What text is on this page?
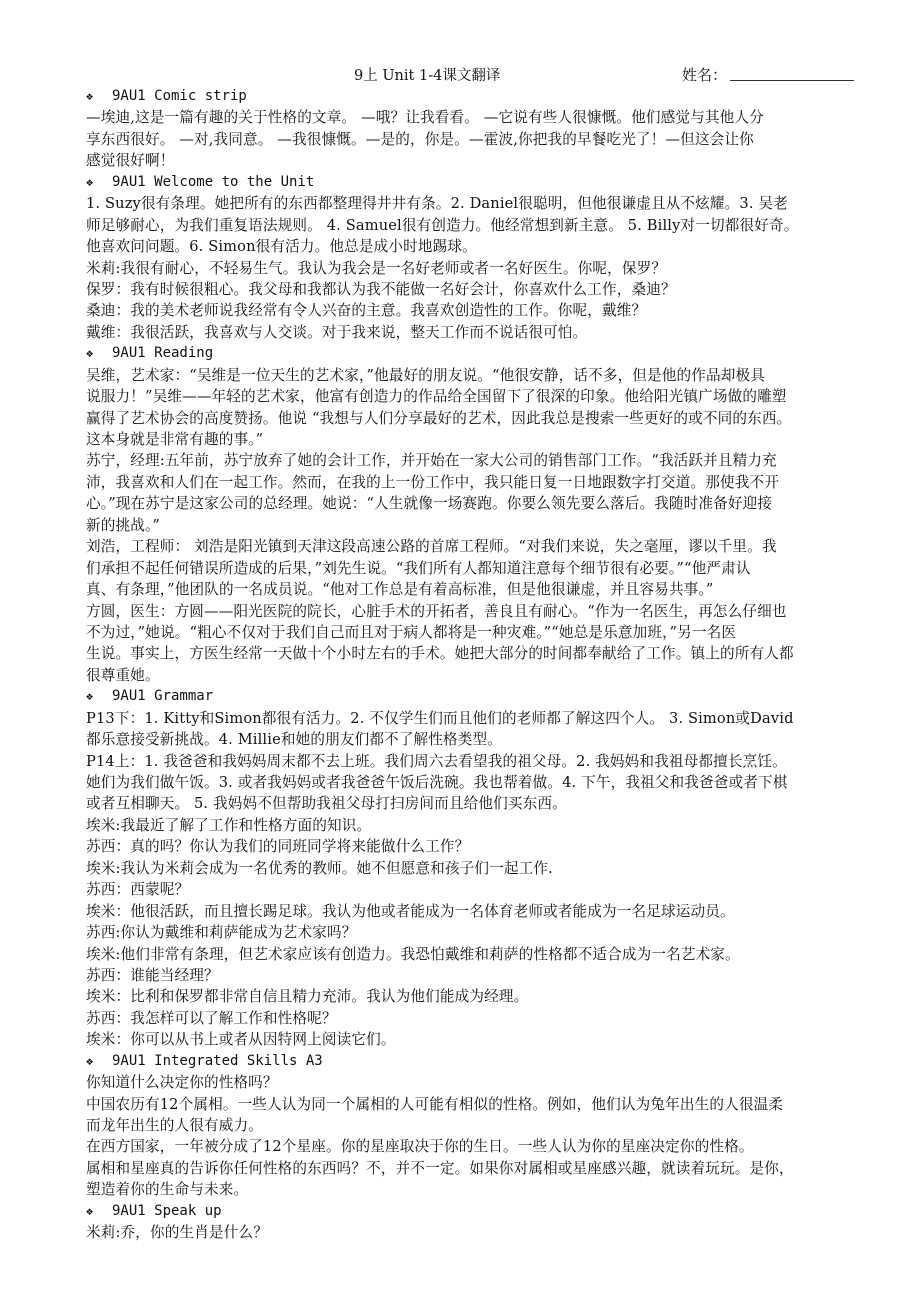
9上 Unit 1-4课文翻译	姓名：
❖ 9AU1 Comic strip
—埃迪,这是一篇有趣的关于性格的文章。 —哦？让我看看。 —它说有些人很慷慨。他们感觉与其他人分
享东西很好。 —对,我同意。 —我很慷慨。—是的，你是。—霍波,你把我的早餐吃光了！—但这会让你
感觉很好啊！
❖ 9AU1 Welcome to the Unit
1. Suzy很有条理。她把所有的东西都整理得井井有条。2. Daniel很聪明，但他很谦虚且从不炫耀。3. 吴老
师足够耐心，为我们重复语法规则。 4. Samuel很有创造力。他经常想到新主意。 5. Billy对一切都很好奇。
他喜欢问问题。6. Simon很有活力。他总是成小时地踢球。
米莉:我很有耐心，不轻易生气。我认为我会是一名好老师或者一名好医生。你呢，保罗？
保罗：我有时候很粗心。我父母和我都认为我不能做一名好会计，你喜欢什么工作，桑迪？
桑迪：我的美术老师说我经常有令人兴奋的主意。我喜欢创造性的工作。你呢，戴维？
戴维：我很活跃，我喜欢与人交谈。对于我来说，整天工作而不说话很可怕。
❖ 9AU1 Reading
吴维，艺术家：“吴维是一位天生的艺术家，”他最好的朋友说。“他很安静，话不多，但是他的作品却极具
说服力！”吴维——年轻的艺术家，他富有创造力的作品给全国留下了很深的印象。他给阳光镇广场做的雕塑
赢得了艺术协会的高度赞扬。他说 “我想与人们分享最好的艺术，因此我总是搜索一些更好的或不同的东西。
这本身就是非常有趣的事。”
苏宁，经理:五年前，苏宁放弃了她的会计工作，并开始在一家大公司的销售部门工作。“我活跃并且精力充
沛，我喜欢和人们在一起工作。然而，在我的上一份工作中，我只能日复一日地跟数字打交道。那使我不开
心。”现在苏宁是这家公司的总经理。她说：“人生就像一场赛跑。你要么领先要么落后。我随时准备好迎接
新的挑战。”
刘浩，工程师： 刘浩是阳光镇到天津这段高速公路的首席工程师。“对我们来说，失之毫厘，谬以千里。我
们承担不起任何错误所造成的后果，”刘先生说。“我们所有人都知道注意每个细节很有必要。”“他严肃认
真、有条理，”他团队的一名成员说。“他对工作总是有着高标准，但是他很谦虚，并且容易共事。”
方圆，医生：方圆——阳光医院的院长，心脏手术的开拓者，善良且有耐心。“作为一名医生，再怎么仔细也
不为过，”她说。“粗心不仅对于我们自己而且对于病人都将是一种灾难。”“她总是乐意加班，”另一名医
生说。事实上，方医生经常一天做十个小时左右的手术。她把大部分的时间都奉献给了工作。镇上的所有人都
很尊重她。
❖ 9AU1 Grammar
P13下：1. Kitty和Simon都很有活力。2. 不仅学生们而且他们的老师都了解这四个人。 3. Simon或David
都乐意接受新挑战。4. Millie和她的朋友们都不了解性格类型。
P14上：1. 我爸爸和我妈妈周末都不去上班。我们周六去看望我的祖父母。2. 我妈妈和我祖母都擅长烹饪。
她们为我们做午饭。3. 或者我妈妈或者我爸爸午饭后洗碗。我也帮着做。4. 下午，我祖父和我爸爸或者下棋
或者互相聊天。 5. 我妈妈不但帮助我祖父母打扫房间而且给他们买东西。
埃米:我最近了解了工作和性格方面的知识。
苏西：真的吗？你认为我们的同班同学将来能做什么工作？
埃米:我认为米莉会成为一名优秀的教师。她不但愿意和孩子们一起工作.
苏西：西蒙呢？
埃米：他很活跃，而且擅长踢足球。我认为他或者能成为一名体育老师或者能成为一名足球运动员。
苏西:你认为戴维和莉萨能成为艺术家吗？
埃米:他们非常有条理，但艺术家应该有创造力。我恐怕戴维和莉萨的性格都不适合成为一名艺术家。
苏西：谁能当经理？
埃米：比利和保罗都非常自信且精力充沛。我认为他们能成为经理。
苏西：我怎样可以了解工作和性格呢？
埃米：你可以从书上或者从因特网上阅读它们。
❖ 9AU1 Integrated Skills A3
你知道什么决定你的性格吗？
中国农历有12个属相。一些人认为同一个属相的人可能有相似的性格。例如，他们认为兔年出生的人很温柔
而龙年出生的人很有威力。
在西方国家，一年被分成了12个星座。你的星座取决于你的生日。一些人认为你的星座决定你的性格。
属相和星座真的告诉你任何性格的东西吗？不，并不一定。如果你对属相或星座感兴趣，就读着玩玩。是你，
塑造着你的生命与未来。
❖ 9AU1 Speak up
米莉:乔，你的生肖是什么？
